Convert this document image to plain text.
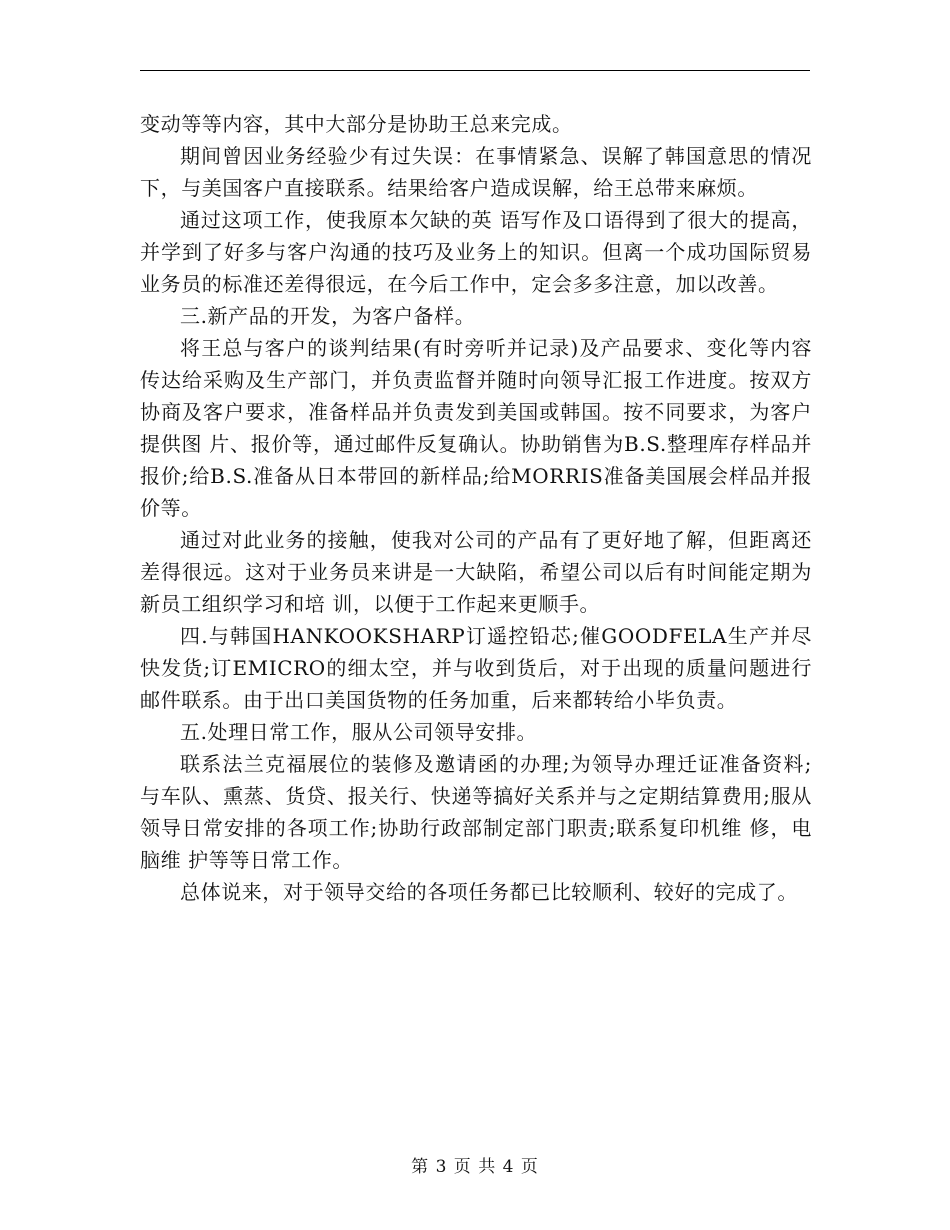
变动等等内容，其中大部分是协助王总来完成。

期间曾因业务经验少有过失误：在事情紧急、误解了韩国意思的情况下，与美国客户直接联系。结果给客户造成误解，给王总带来麻烦。

通过这项工作，使我原本欠缺的英 语写作及口语得到了很大的提高，并学到了好多与客户沟通的技巧及业务上的知识。但离一个成功国际贸易业务员的标准还差得很远，在今后工作中，定会多多注意，加以改善。

三.新产品的开发，为客户备样。

将王总与客户的谈判结果(有时旁听并记录)及产品要求、变化等内容传达给采购及生产部门，并负责监督并随时向领导汇报工作进度。按双方协商及客户要求，准备样品并负责发到美国或韩国。按不同要求，为客户提供图 片、报价等，通过邮件反复确认。协助销售为B.S.整理库存样品并报价;给B.S.准备从日本带回的新样品;给MORRIS准备美国展会样品并报价等。

通过对此业务的接触，使我对公司的产品有了更好地了解，但距离还差得很远。这对于业务员来讲是一大缺陷，希望公司以后有时间能定期为新员工组织学习和培 训，以便于工作起来更顺手。

四.与韩国HANKOOKSHARP订遥控铅芯;催GOODFELA生产并尽快发货;订EMICRO的细太空，并与收到货后，对于出现的质量问题进行邮件联系。由于出口美国货物的任务加重，后来都转给小毕负责。

五.处理日常工作，服从公司领导安排。

联系法兰克福展位的装修及邀请函的办理;为领导办理迁证准备资料;与车队、熏蒸、货贷、报关行、快递等搞好关系并与之定期结算费用;服从领导日常安排的各项工作;协助行政部制定部门职责;联系复印机维 修，电脑维 护等等日常工作。

总体说来，对于领导交给的各项任务都已比较顺利、较好的完成了。

第 3 页 共 4 页
